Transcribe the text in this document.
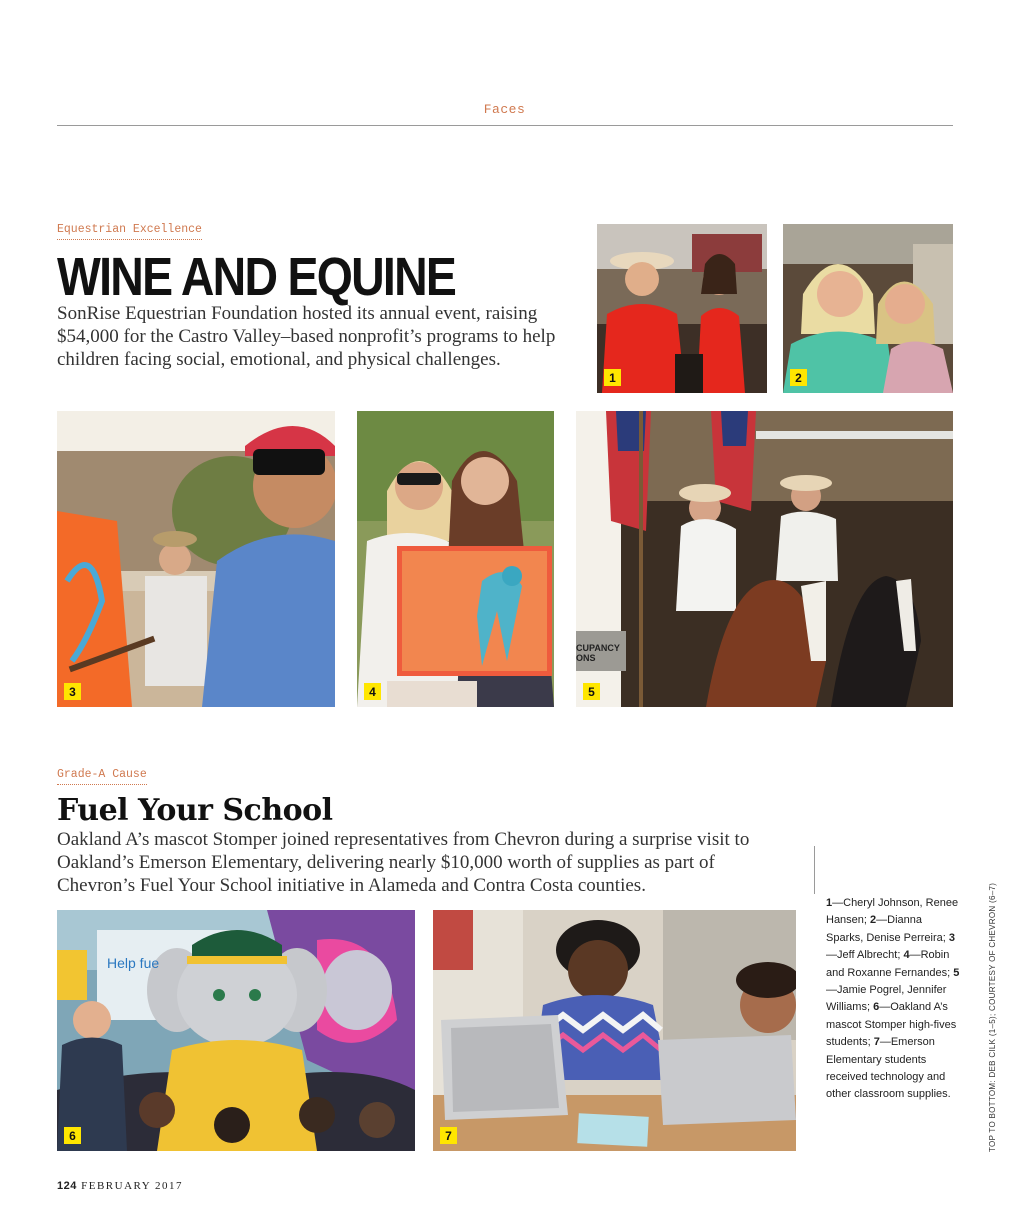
Faces
Equestrian Excellence
WINE AND EQUINE
SonRise Equestrian Foundation hosted its annual event, raising $54,000 for the Castro Valley–based nonprofit’s programs to help children facing social, emotional, and physical challenges.
1	2
3	4
CUPANCY
ONS
5
Grade-A Cause
Fuel Your School
Oakland A’s mascot Stomper joined representatives from Chevron during a surprise visit to Oakland’s Emerson Elementary, delivering nearly $10,000 worth of supplies as part of Chevron’s Fuel Your School initiative in Alameda and Contra Costa counties.
Help fue
6	7
1—Cheryl Johnson, Renee Hansen; 2—Dianna Sparks, Denise Perreira; 3—Jeff Albrecht; 4—Robin and Roxanne Fernandes; 5—Jamie Pogrel, Jennifer Williams; 6—Oakland A’s mascot Stomper high-fives students; 7—Emerson Elementary students received technology and other classroom supplies.	TOP TO BOTTOM: DEB CILK (1–5); COURTESY OF CHEVRON (6–7)
124 FEBRUARY 2017
